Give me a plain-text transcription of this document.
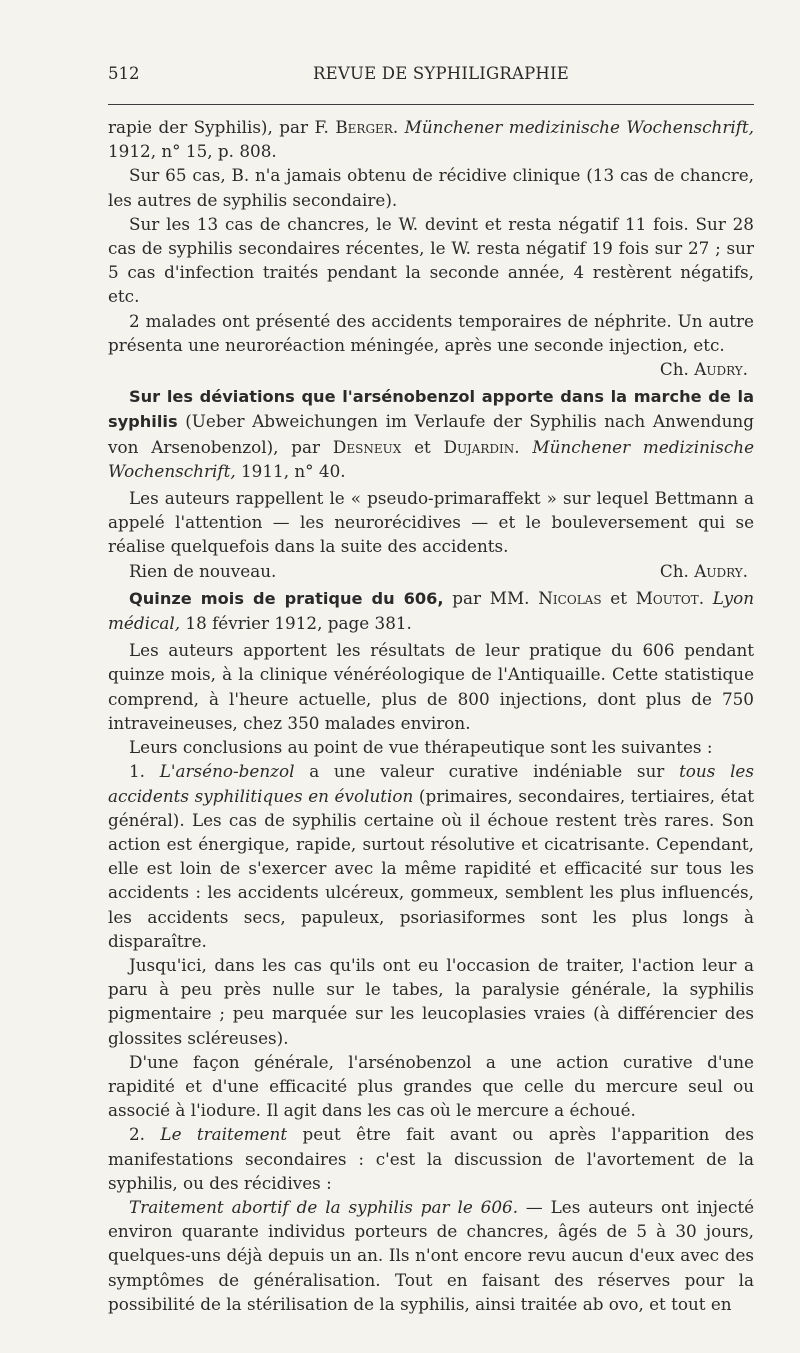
512	REVUE DE SYPHILIGRAPHIE

rapie der Syphilis), par F. Berger. Münchener medizinische Wochenschrift, 1912, n° 15, p. 808.

Sur 65 cas, B. n'a jamais obtenu de récidive clinique (13 cas de chancre, les autres de syphilis secondaire).

Sur les 13 cas de chancres, le W. devint et resta négatif 11 fois. Sur 28 cas de syphilis secondaires récentes, le W. resta négatif 19 fois sur 27 ; sur 5 cas d'infection traités pendant la seconde année, 4 restèrent négatifs, etc.

2 malades ont présenté des accidents temporaires de néphrite. Un autre présenta une neuroréaction méningée, après une seconde injection, etc.

Ch. Audry.

Sur les déviations que l'arsénobenzol apporte dans la marche de la syphilis (Ueber Abweichungen im Verlaufe der Syphilis nach Anwendung von Arsenobenzol), par Desneux et Dujardin. Münchener medizinische Wochenschrift, 1911, n° 40.

Les auteurs rappellent le « pseudo-primaraffekt » sur lequel Bettmann a appelé l'attention — les neurorécidives — et le bouleversement qui se réalise quelquefois dans la suite des accidents.

Rien de nouveau.	Ch. Audry.

Quinze mois de pratique du 606, par MM. Nicolas et Moutot. Lyon médical, 18 février 1912, page 381.

Les auteurs apportent les résultats de leur pratique du 606 pendant quinze mois, à la clinique vénéréologique de l'Antiquaille. Cette statistique comprend, à l'heure actuelle, plus de 800 injections, dont plus de 750 intraveineuses, chez 350 malades environ.

Leurs conclusions au point de vue thérapeutique sont les suivantes :

1. L'arséno-benzol a une valeur curative indéniable sur tous les accidents syphilitiques en évolution (primaires, secondaires, tertiaires, état général). Les cas de syphilis certaine où il échoue restent très rares. Son action est énergique, rapide, surtout résolutive et cicatrisante. Cependant, elle est loin de s'exercer avec la même rapidité et efficacité sur tous les accidents : les accidents ulcéreux, gommeux, semblent les plus influencés, les accidents secs, papuleux, psoriasiformes sont les plus longs à disparaître.

Jusqu'ici, dans les cas qu'ils ont eu l'occasion de traiter, l'action leur a paru à peu près nulle sur le tabes, la paralysie générale, la syphilis pigmentaire ; peu marquée sur les leucoplasies vraies (à différencier des glossites scléreuses).

D'une façon générale, l'arsénobenzol a une action curative d'une rapidité et d'une efficacité plus grandes que celle du mercure seul ou associé à l'iodure. Il agit dans les cas où le mercure a échoué.

2. Le traitement peut être fait avant ou après l'apparition des manifestations secondaires : c'est la discussion de l'avortement de la syphilis, ou des récidives :

Traitement abortif de la syphilis par le 606. — Les auteurs ont injecté environ quarante individus porteurs de chancres, âgés de 5 à 30 jours, quelques-uns déjà depuis un an. Ils n'ont encore revu aucun d'eux avec des symptômes de généralisation. Tout en faisant des réserves pour la possibilité de la stérilisation de la syphilis, ainsi traitée ab ovo, et tout en
